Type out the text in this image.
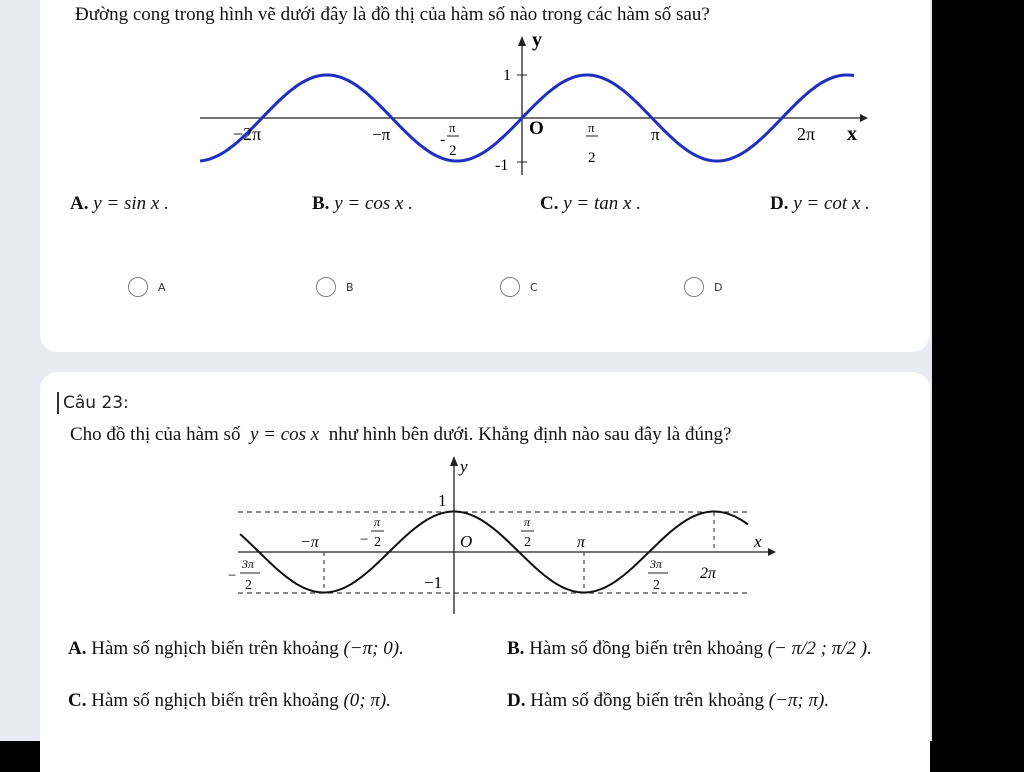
Đường cong trong hình vẽ dưới đây là đồ thị của hàm số nào trong các hàm số sau?
y
x
1
-1
O
−2π	−π	-
π
2
π
2
π	2π
A. y = sin x .	B. y = cos x .	C. y = tan x .	D. y = cot x .
A	B	C	D
Câu 23:
Cho đồ thị của hàm số y = cos x như hình bên dưới. Khẳng định nào sau đây là đúng?
y
x
1
−1
O
−π	−
π
2
π
2	π
−
3π
2
3π
2
2π
A. Hàm số nghịch biến trên khoảng (−π; 0).	B. Hàm số đồng biến trên khoảng (− π/2 ; π/2 ).
C. Hàm số nghịch biến trên khoảng (0; π).	D. Hàm số đồng biến trên khoảng (−π; π).
